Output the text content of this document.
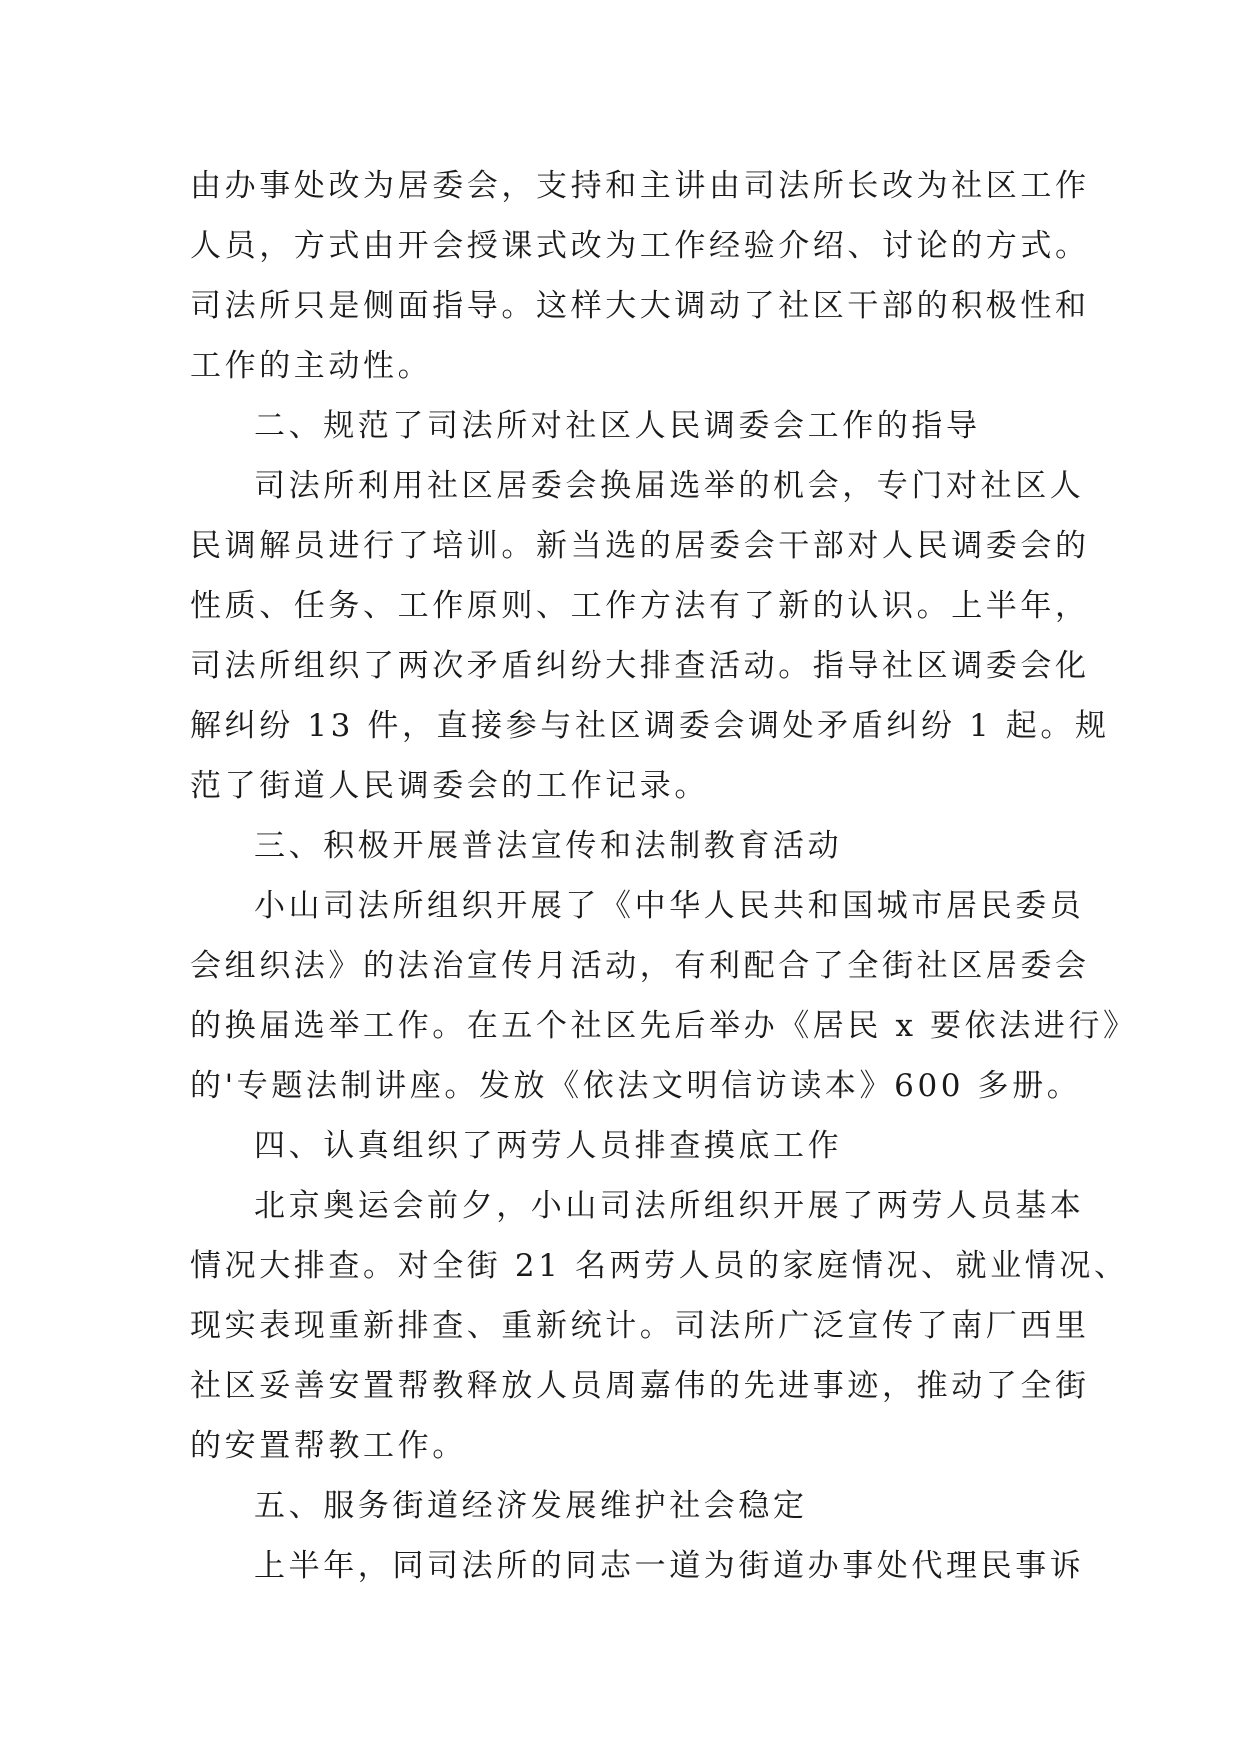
由办事处改为居委会，支持和主讲由司法所长改为社区工作
人员，方式由开会授课式改为工作经验介绍、讨论的方式。
司法所只是侧面指导。这样大大调动了社区干部的积极性和
工作的主动性。
二、规范了司法所对社区人民调委会工作的指导
司法所利用社区居委会换届选举的机会，专门对社区人
民调解员进行了培训。新当选的居委会干部对人民调委会的
性质、任务、工作原则、工作方法有了新的认识。上半年，
司法所组织了两次矛盾纠纷大排查活动。指导社区调委会化
解纠纷 13 件，直接参与社区调委会调处矛盾纠纷 1 起。规
范了街道人民调委会的工作记录。
三、积极开展普法宣传和法制教育活动
小山司法所组织开展了《中华人民共和国城市居民委员
会组织法》的法治宣传月活动，有利配合了全街社区居委会
的换届选举工作。在五个社区先后举办《居民 x 要依法进行》
的'专题法制讲座。发放《依法文明信访读本》600 多册。
四、认真组织了两劳人员排查摸底工作
北京奥运会前夕，小山司法所组织开展了两劳人员基本
情况大排查。对全街 21 名两劳人员的家庭情况、就业情况、
现实表现重新排查、重新统计。司法所广泛宣传了南厂西里
社区妥善安置帮教释放人员周嘉伟的先进事迹，推动了全街
的安置帮教工作。
五、服务街道经济发展维护社会稳定
上半年，同司法所的同志一道为街道办事处代理民事诉
